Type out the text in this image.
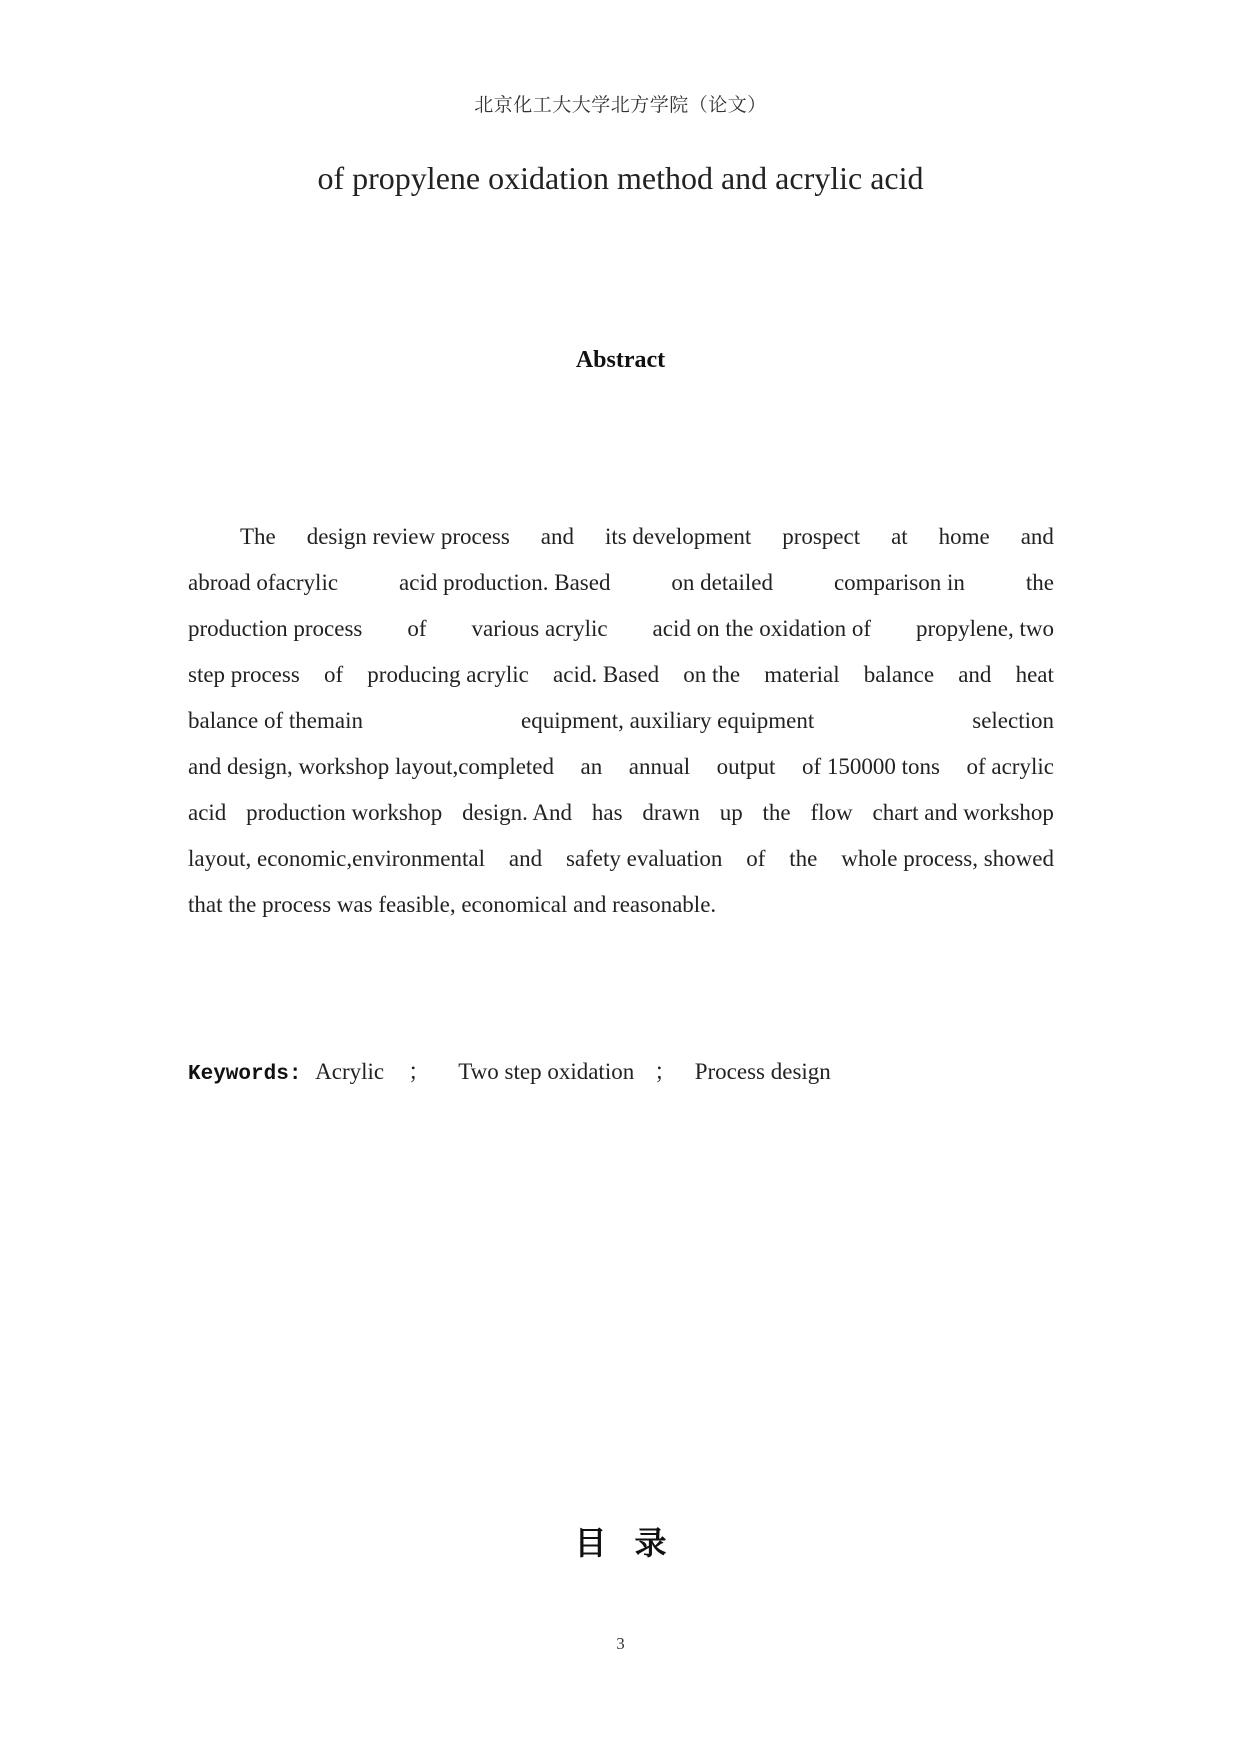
北京化工大大学北方学院（论文）
of propylene oxidation method and acrylic acid
Abstract
The design review process and its development prospect at home and
abroad ofacrylic	acid production. Based	on detailed	comparison in	the
production process of various acrylic acid on the oxidation of propylene, two
step process of producing acrylic acid. Based on the material balance and heat
balance of themain	equipment, auxiliary equipment	selection
and design, workshop layout,completed an annual output of 150000 tons of acrylic
acid production workshop design. And has drawn up the flow chart and workshop
layout, economic,environmental and safety evaluation of the whole process, showed
that the process was feasible, economical and reasonable.
Keywords: Acrylic ； Two step oxidation ； Process design
目录
3
